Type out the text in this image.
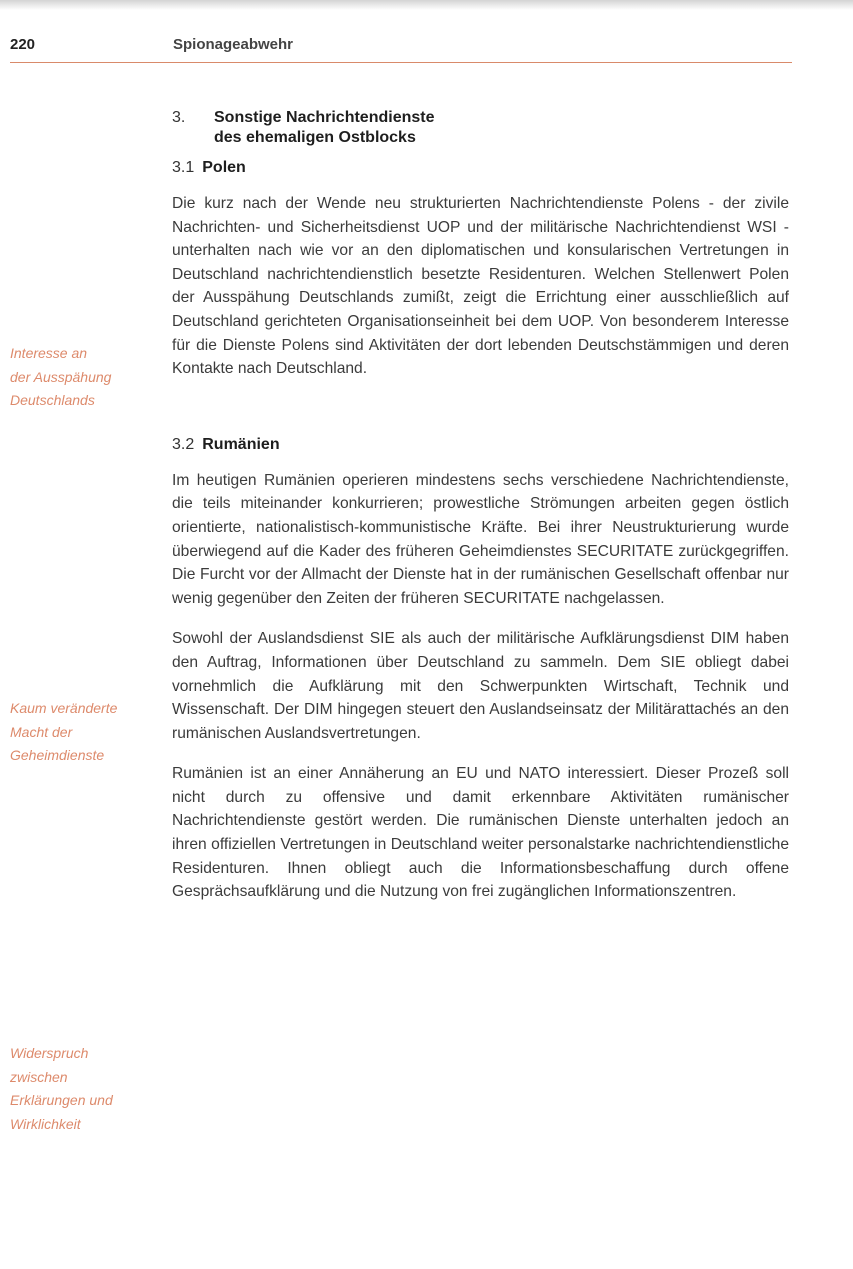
220	Spionageabwehr
Interesse an
der Ausspähung
Deutschlands
Kaum veränderte
Macht der
Geheimdienste
Widerspruch
zwischen
Erklärungen und
Wirklichkeit
3.	Sonstige Nachrichtendienste
des ehemaligen Ostblocks
3.1 Polen

Die kurz nach der Wende neu strukturierten Nachrichtendienste Polens - der zivile Nachrichten- und Sicherheitsdienst UOP und der militärische Nachrichtendienst WSI - unterhalten nach wie vor an den diplomatischen und konsularischen Vertretungen in Deutschland nachrichtendienstlich besetzte Residenturen. Welchen Stellenwert Polen der Ausspähung Deutschlands zumißt, zeigt die Errichtung einer ausschließlich auf Deutschland gerichteten Organisationseinheit bei dem UOP. Von besonderem Interesse für die Dienste Polens sind Aktivitäten der dort lebenden Deutschstämmigen und deren Kontakte nach Deutschland.

3.2 Rumänien

Im heutigen Rumänien operieren mindestens sechs verschiedene Nachrichtendienste, die teils miteinander konkurrieren; prowestliche Strömungen arbeiten gegen östlich orientierte, nationalistisch-kommunistische Kräfte. Bei ihrer Neustrukturierung wurde überwiegend auf die Kader des früheren Geheimdienstes SECURITATE zurückgegriffen. Die Furcht vor der Allmacht der Dienste hat in der rumänischen Gesellschaft offenbar nur wenig gegenüber den Zeiten der früheren SECURITATE nachgelassen.

Sowohl der Auslandsdienst SIE als auch der militärische Aufklärungsdienst DIM haben den Auftrag, Informationen über Deutschland zu sammeln. Dem SIE obliegt dabei vornehmlich die Aufklärung mit den Schwerpunkten Wirtschaft, Technik und Wissenschaft. Der DIM hingegen steuert den Auslandseinsatz der Militärattachés an den rumänischen Auslandsvertretungen.

Rumänien ist an einer Annäherung an EU und NATO interessiert. Dieser Prozeß soll nicht durch zu offensive und damit erkennbare Aktivitäten rumänischer Nachrichtendienste gestört werden. Die rumänischen Dienste unterhalten jedoch an ihren offiziellen Vertretungen in Deutschland weiter personalstarke nachrichtendienstliche Residenturen. Ihnen obliegt auch die Informationsbeschaffung durch offene Gesprächsaufklärung und die Nutzung von frei zugänglichen Informationszentren.
